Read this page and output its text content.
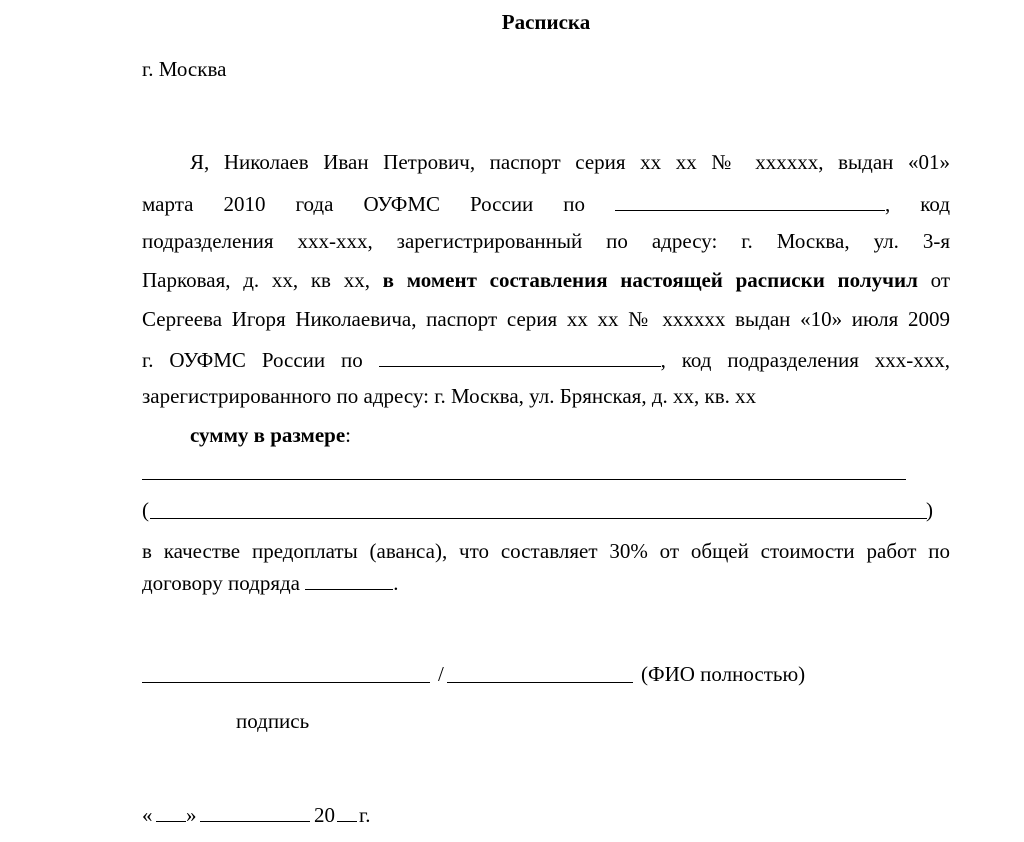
Расписка
г. Москва
Я, Николаев Иван Петрович, паспорт серия хх хх № хххххх, выдан «01»
марта 2010 года ОУФМС России по	, код
подразделения ххх-ххх, зарегистрированный по адресу: г. Москва, ул. 3-я
Парковая, д. хх, кв хх, в момент составления настоящей расписки получил от
Сергеева Игоря Николаевича, паспорт серия хх хх № хххххх выдан «10» июля 2009
г. ОУФМС России по	, код подразделения ххх-ххх,
зарегистрированного по адресу: г. Москва, ул. Брянская, д. хх, кв. хх
сумму в размере:
(	)
в качестве предоплаты (аванса), что составляет 30% от общей стоимости работ по
договору подряда	.
/	(ФИО полностью)
подпись
« »	20 г.
